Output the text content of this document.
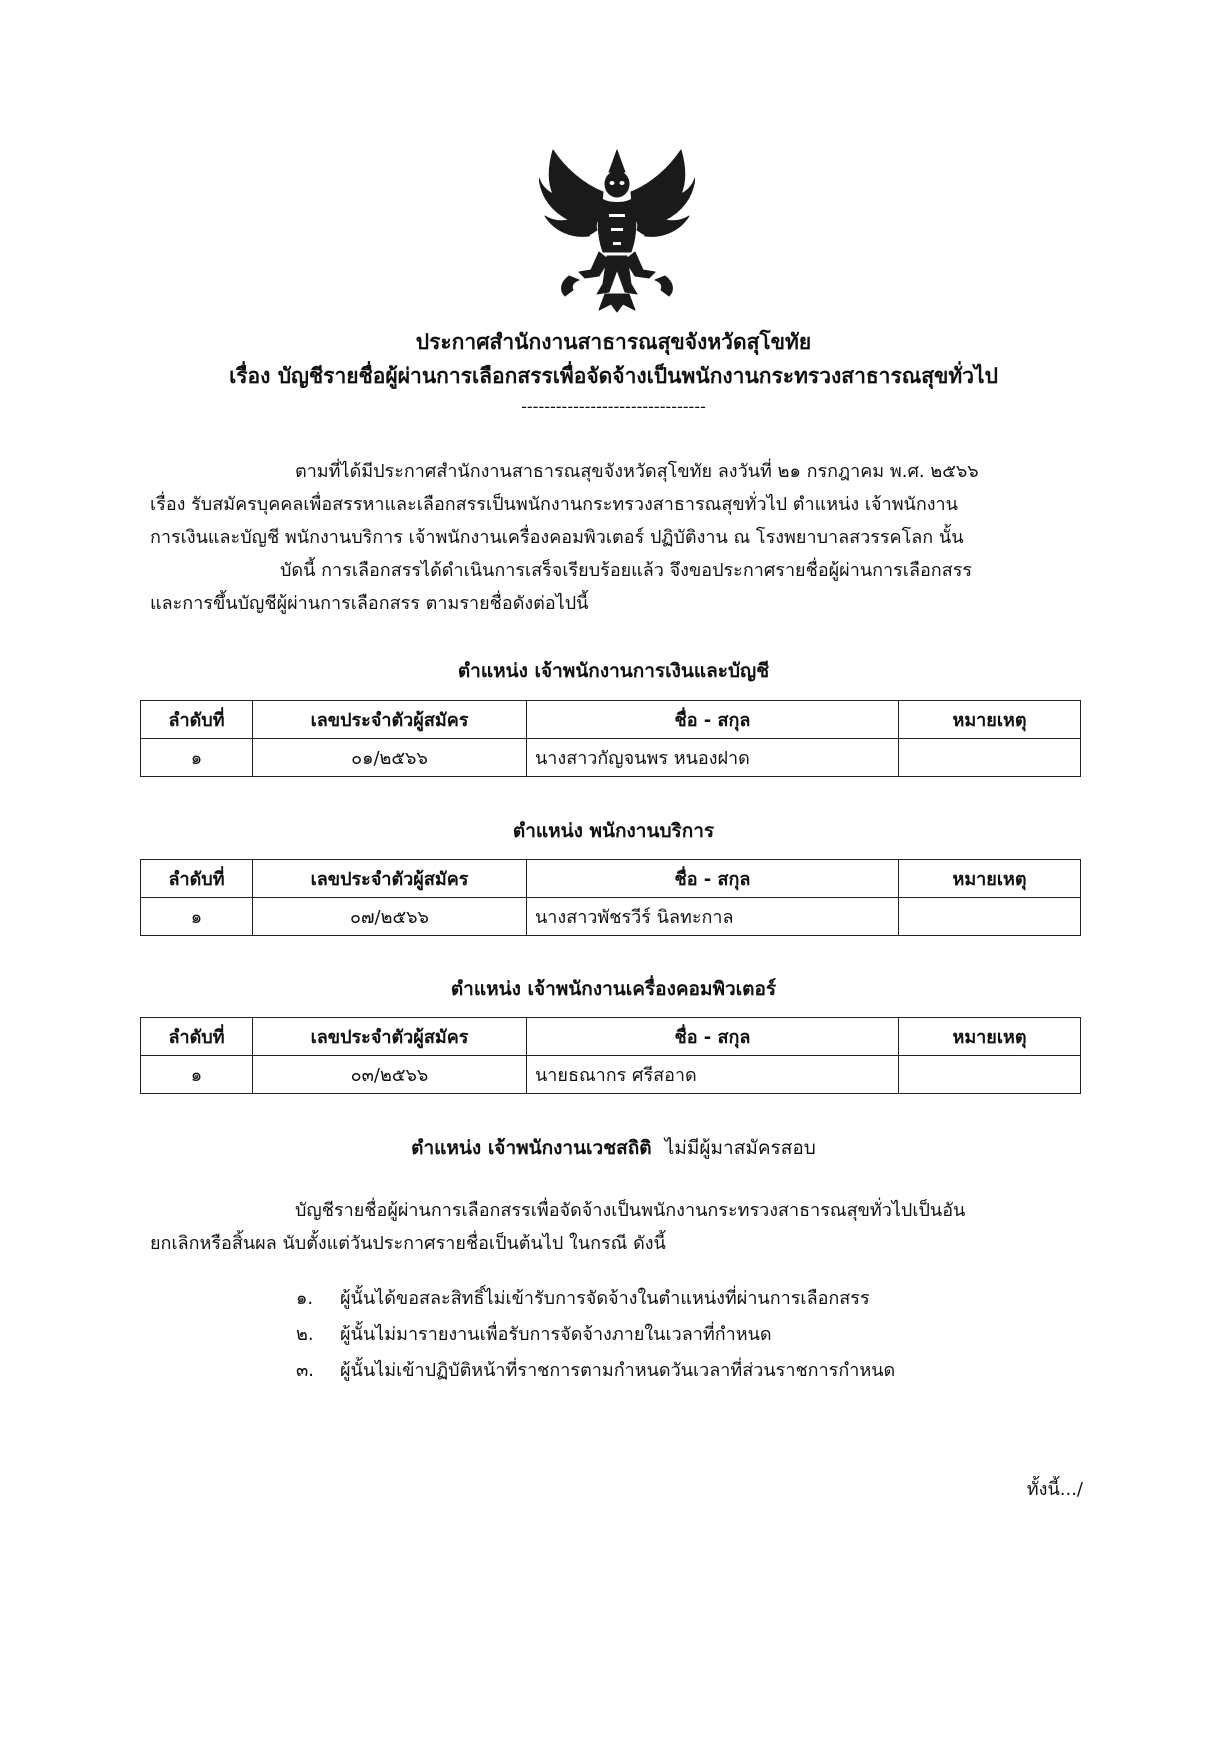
ประกาศสำนักงานสาธารณสุขจังหวัดสุโขทัย
เรื่อง บัญชีรายชื่อผู้ผ่านการเลือกสรรเพื่อจัดจ้างเป็นพนักงานกระทรวงสาธารณสุขทั่วไป
--------------------------------
ตามที่ได้มีประกาศสำนักงานสาธารณสุขจังหวัดสุโขทัย ลงวันที่ ๒๑ กรกฎาคม พ.ศ. ๒๕๖๖
เรื่อง รับสมัครบุคคลเพื่อสรรหาและเลือกสรรเป็นพนักงานกระทรวงสาธารณสุขทั่วไป ตำแหน่ง เจ้าพนักงาน
การเงินและบัญชี พนักงานบริการ เจ้าพนักงานเครื่องคอมพิวเตอร์ ปฏิบัติงาน ณ โรงพยาบาลสวรรคโลก นั้น
บัดนี้ การเลือกสรรได้ดำเนินการเสร็จเรียบร้อยแล้ว จึงขอประกาศรายชื่อผู้ผ่านการเลือกสรร
และการขึ้นบัญชีผู้ผ่านการเลือกสรร ตามรายชื่อดังต่อไปนี้
ตำแหน่ง เจ้าพนักงานการเงินและบัญชี
ลำดับที่	เลขประจำตัวผู้สมัคร	ชื่อ - สกุล	หมายเหตุ
๑	๐๑/๒๕๖๖	นางสาวกัญจนพร หนองฝาด	
ตำแหน่ง พนักงานบริการ
ลำดับที่	เลขประจำตัวผู้สมัคร	ชื่อ - สกุล	หมายเหตุ
๑	๐๗/๒๕๖๖	นางสาวพัชรวีร์ นิลทะกาล	
ตำแหน่ง เจ้าพนักงานเครื่องคอมพิวเตอร์
ลำดับที่	เลขประจำตัวผู้สมัคร	ชื่อ - สกุล	หมายเหตุ
๑	๐๓/๒๕๖๖	นายธณากร ศรีสอาด	
ตำแหน่ง เจ้าพนักงานเวชสถิติ ไม่มีผู้มาสมัครสอบ
บัญชีรายชื่อผู้ผ่านการเลือกสรรเพื่อจัดจ้างเป็นพนักงานกระทรวงสาธารณสุขทั่วไปเป็นอัน
ยกเลิกหรือสิ้นผล นับตั้งแต่วันประกาศรายชื่อเป็นต้นไป ในกรณี ดังนี้
๑. ผู้นั้นได้ขอสละสิทธิ์ไม่เข้ารับการจัดจ้างในตำแหน่งที่ผ่านการเลือกสรร
๒. ผู้นั้นไม่มารายงานเพื่อรับการจัดจ้างภายในเวลาที่กำหนด
๓. ผู้นั้นไม่เข้าปฏิบัติหน้าที่ราชการตามกำหนดวันเวลาที่ส่วนราชการกำหนด
ทั้งนี้.../
